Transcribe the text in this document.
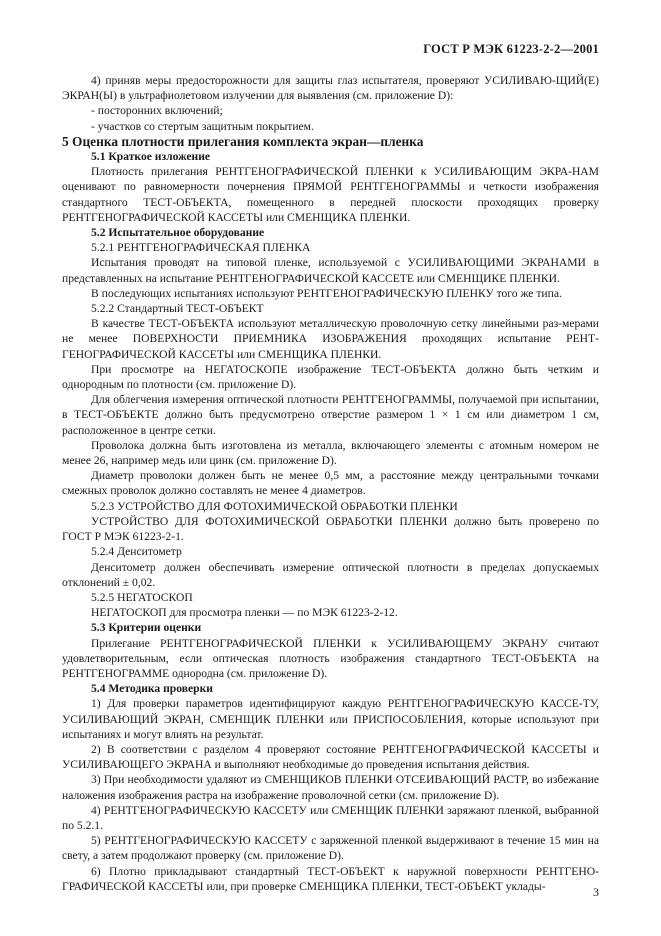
ГОСТ Р МЭК 61223-2-2—2001

4) приняв меры предосторожности для защиты глаз испытателя, проверяют УСИЛИВАЮ-ЩИЙ(Е) ЭКРАН(Ы) в ультрафиолетовом излучении для выявления (см. приложение D):

- посторонних включений;

- участков со стертым защитным покрытием.

5 Оценка плотности прилегания комплекта экран—пленка

5.1 Краткое изложение

Плотность прилегания РЕНТГЕНОГРАФИЧЕСКОЙ ПЛЕНКИ к УСИЛИВАЮЩИМ ЭКРА-НАМ оценивают по равномерности почернения ПРЯМОЙ РЕНТГЕНОГРАММЫ и четкости изображения стандартного ТЕСТ-ОБЪЕКТА, помещенного в передней плоскости проходящих проверку РЕНТГЕНОГРАФИЧЕСКОЙ КАССЕТЫ или СМЕНЩИКА ПЛЕНКИ.

5.2 Испытательное оборудование

5.2.1 РЕНТГЕНОГРАФИЧЕСКАЯ ПЛЕНКА

Испытания проводят на типовой пленке, используемой с УСИЛИВАЮЩИМИ ЭКРАНАМИ в представленных на испытание РЕНТГЕНОГРАФИЧЕСКОЙ КАССЕТЕ или СМЕНЩИКЕ ПЛЕНКИ.

В последующих испытаниях используют РЕНТГЕНОГРАФИЧЕСКУЮ ПЛЕНКУ того же типа.

5.2.2 Стандартный ТЕСТ-ОБЪЕКТ

В качестве ТЕСТ-ОБЪЕКТА используют металлическую проволочную сетку линейными раз-мерами не менее ПОВЕРХНОСТИ ПРИЕМНИКА ИЗОБРАЖЕНИЯ проходящих испытание РЕНТ-ГЕНОГРАФИЧЕСКОЙ КАССЕТЫ или СМЕНЩИКА ПЛЕНКИ.

При просмотре на НЕГАТОСКОПЕ изображение ТЕСТ-ОБЪЕКТА должно быть четким и однородным по плотности (см. приложение D).

Для облегчения измерения оптической плотности РЕНТГЕНОГРАММЫ, получаемой при испытании, в ТЕСТ-ОБЪЕКТЕ должно быть предусмотрено отверстие размером 1 × 1 см или диаметром 1 см, расположенное в центре сетки.

Проволока должна быть изготовлена из металла, включающего элементы с атомным номером не менее 26, например медь или цинк (см. приложение D).

Диаметр проволоки должен быть не менее 0,5 мм, а расстояние между центральными точками смежных проволок должно составлять не менее 4 диаметров.

5.2.3 УСТРОЙСТВО ДЛЯ ФОТОХИМИЧЕСКОЙ ОБРАБОТКИ ПЛЕНКИ

УСТРОЙСТВО ДЛЯ ФОТОХИМИЧЕСКОЙ ОБРАБОТКИ ПЛЕНКИ должно быть проверено по ГОСТ Р МЭК 61223-2-1.

5.2.4 Денситометр

Денситометр должен обеспечивать измерение оптической плотности в пределах допускаемых отклонений ± 0,02.

5.2.5 НЕГАТОСКОП

НЕГАТОСКОП для просмотра пленки — по МЭК 61223-2-12.

5.3 Критерии оценки

Прилегание РЕНТГЕНОГРАФИЧЕСКОЙ ПЛЕНКИ к УСИЛИВАЮЩЕМУ ЭКРАНУ считают удовлетворительным, если оптическая плотность изображения стандартного ТЕСТ-ОБЪЕКТА на РЕНТГЕНОГРАММЕ однородна (см. приложение D).

5.4 Методика проверки

1) Для проверки параметров идентифицируют каждую РЕНТГЕНОГРАФИЧЕСКУЮ КАССЕ-ТУ, УСИЛИВАЮЩИЙ ЭКРАН, СМЕНЩИК ПЛЕНКИ или ПРИСПОСОБЛЕНИЯ, которые используют при испытаниях и могут влиять на результат.

2) В соответствии с разделом 4 проверяют состояние РЕНТГЕНОГРАФИЧЕСКОЙ КАССЕТЫ и УСИЛИВАЮЩЕГО ЭКРАНА и выполняют необходимые до проведения испытания действия.

3) При необходимости удаляют из СМЕНЩИКОВ ПЛЕНКИ ОТСЕИВАЮЩИЙ РАСТР, во избежание наложения изображения растра на изображение проволочной сетки (см. приложение D).

4) РЕНТГЕНОГРАФИЧЕСКУЮ КАССЕТУ или СМЕНЩИК ПЛЕНКИ заряжают пленкой, выбранной по 5.2.1.

5) РЕНТГЕНОГРАФИЧЕСКУЮ КАССЕТУ с заряженной пленкой выдерживают в течение 15 мин на свету, а затем продолжают проверку (см. приложение D).

6) Плотно прикладывают стандартный ТЕСТ-ОБЪЕКТ к наружной поверхности РЕНТГЕНО-ГРАФИЧЕСКОЙ КАССЕТЫ или, при проверке СМЕНЩИКА ПЛЕНКИ, ТЕСТ-ОБЪЕКТ уклады-	3
